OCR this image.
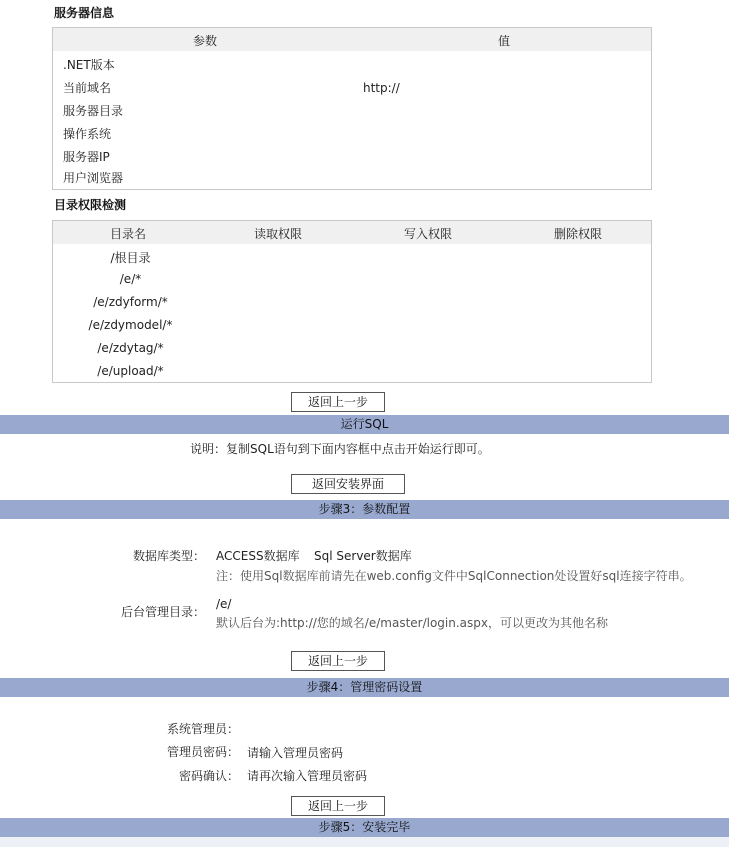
服务器信息
参数	值
.NET版本
当前域名	http://
服务器目录
操作系统
服务器IP
用户浏览器
目录权限检测
目录名	读取权限	写入权限	删除权限
/根目录
/e/*
/e/zdyform/*
/e/zdymodel/*
/e/zdytag/*
/e/upload/*
返回上一步
运行SQL
说明：复制SQL语句到下面内容框中点击开始运行即可。
返回安装界面
步骤3：参数配置
数据库类型： ACCESS数据库 Sql Server数据库
注：使用Sql数据库前请先在web.config文件中SqlConnection处设置好sql连接字符串。
后台管理目录：
/e/
默认后台为:http://您的域名/e/master/login.aspx，可以更改为其他名称
返回上一步
步骤4：管理密码设置
系统管理员：
管理员密码： 请输入管理员密码
密码确认： 请再次输入管理员密码
返回上一步
步骤5：安装完毕
